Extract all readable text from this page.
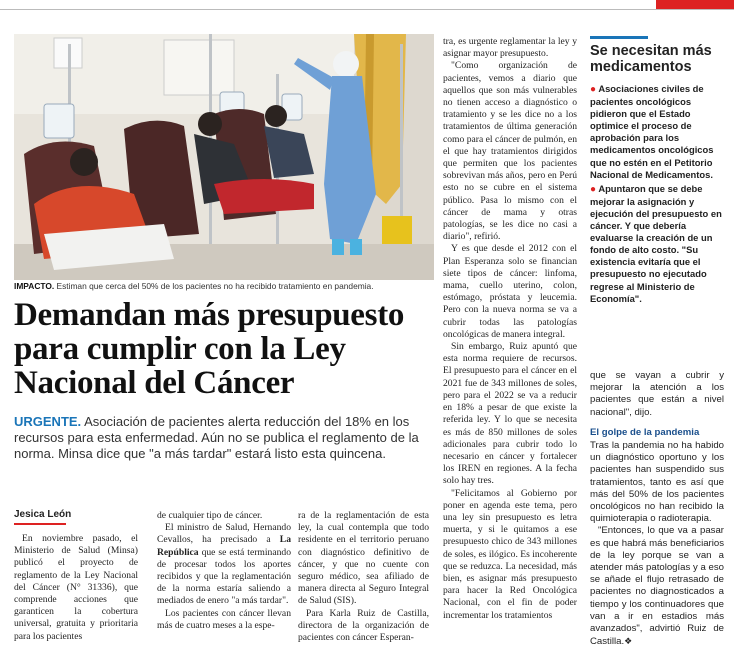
IMPACTO. Estiman que cerca del 50% de los pacientes no ha recibido tratamiento en pandemia.
Demandan más presupuesto para cumplir con la Ley Nacional del Cáncer

URGENTE. Asociación de pacientes alerta reducción del 18% en los recursos para esta enfermedad. Aún no se publica el reglamento de la norma. Minsa dice que "a más tardar" estará listo esta quincena.

Jesica León

En noviembre pasado, el Ministerio de Salud (Minsa) publicó el proyecto de reglamento de la Ley Nacional del Cáncer (N° 31336), que comprende acciones que garanticen la cobertura universal, gratuita y prioritaria para los pacientes

de cualquier tipo de cáncer.

El ministro de Salud, Hernando Cevallos, ha precisado a La República que se está terminando de procesar todos los aportes recibidos y que la reglamentación de la norma estaría saliendo a mediados de enero "a más tardar".

Los pacientes con cáncer llevan más de cuatro meses a la espe-

ra de la reglamentación de esta ley, la cual contempla que todo residente en el territorio peruano con diagnóstico definitivo de cáncer, y que no cuente con seguro médico, sea afiliado de manera directa al Seguro Integral de Salud (SIS).

Para Karla Ruiz de Castilla, directora de la organización de pacientes con cáncer Esperan-

tra, es urgente reglamentar la ley y asignar mayor presupuesto.

"Como organización de pacientes, vemos a diario que aquellos que son más vulnerables no tienen acceso a diagnóstico o tratamiento y se les dice no a los tratamientos de última generación como para el cáncer de pulmón, en el que hay tratamientos dirigidos que permiten que los pacientes sobrevivan más años, pero en Perú esto no se cubre en el sistema público. Pasa lo mismo con el cáncer de mama y otras patologías, se les dice no casi a diario", refirió.

Y es que desde el 2012 con el Plan Esperanza solo se financian siete tipos de cáncer: linfoma, mama, cuello uterino, colon, estómago, próstata y leucemia. Pero con la nueva norma se va a cubrir todas las patologías oncológicas de manera integral.

Sin embargo, Ruiz apuntó que esta norma requiere de recursos. El presupuesto para el cáncer en el 2021 fue de 343 millones de soles, pero para el 2022 se va a reducir en 18% a pesar de que existe la referida ley. Y lo que se necesita es más de 850 millones de soles adicionales para cubrir todo lo necesario en cáncer y fortalecer los IREN en regiones. A la fecha solo hay tres.

"Felicitamos al Gobierno por poner en agenda este tema, pero una ley sin presupuesto es letra muerta, y si le quitamos a ese presupuesto chico de 343 millones de soles, es ilógico. Es incoherente que se reduzca. La necesidad, más bien, es asignar más presupuesto para hacer la Red Oncológica Nacional, con el fin de poder incrementar los tratamientos

Se necesitan más medicamentos

● Asociaciones civiles de pacientes oncológicos pidieron que el Estado optimice el proceso de aprobación para los medicamentos oncológicos que no estén en el Petitorio Nacional de Medicamentos.

● Apuntaron que se debe mejorar la asignación y ejecución del presupuesto en cáncer. Y que debería evaluarse la creación de un fondo de alto costo. "Su existencia evitaría que el presupuesto no ejecutado regrese al Ministerio de Economía".

que se vayan a cubrir y mejorar la atención a los pacientes que están a nivel nacional", dijo.

El golpe de la pandemia

Tras la pandemia no ha habido un diagnóstico oportuno y los pacientes han suspendido sus tratamientos, tanto es así que más del 50% de los pacientes oncológicos no han recibido la quimioterapia o radioterapia.

"Entonces, lo que va a pasar es que habrá más beneficiarios de la ley porque se van a atender más patologías y a eso se añade el flujo retrasado de pacientes no diagnosticados a tiempo y los continuadores que van a ir en estadios más avanzados", advirtió Ruiz de Castilla.❖
